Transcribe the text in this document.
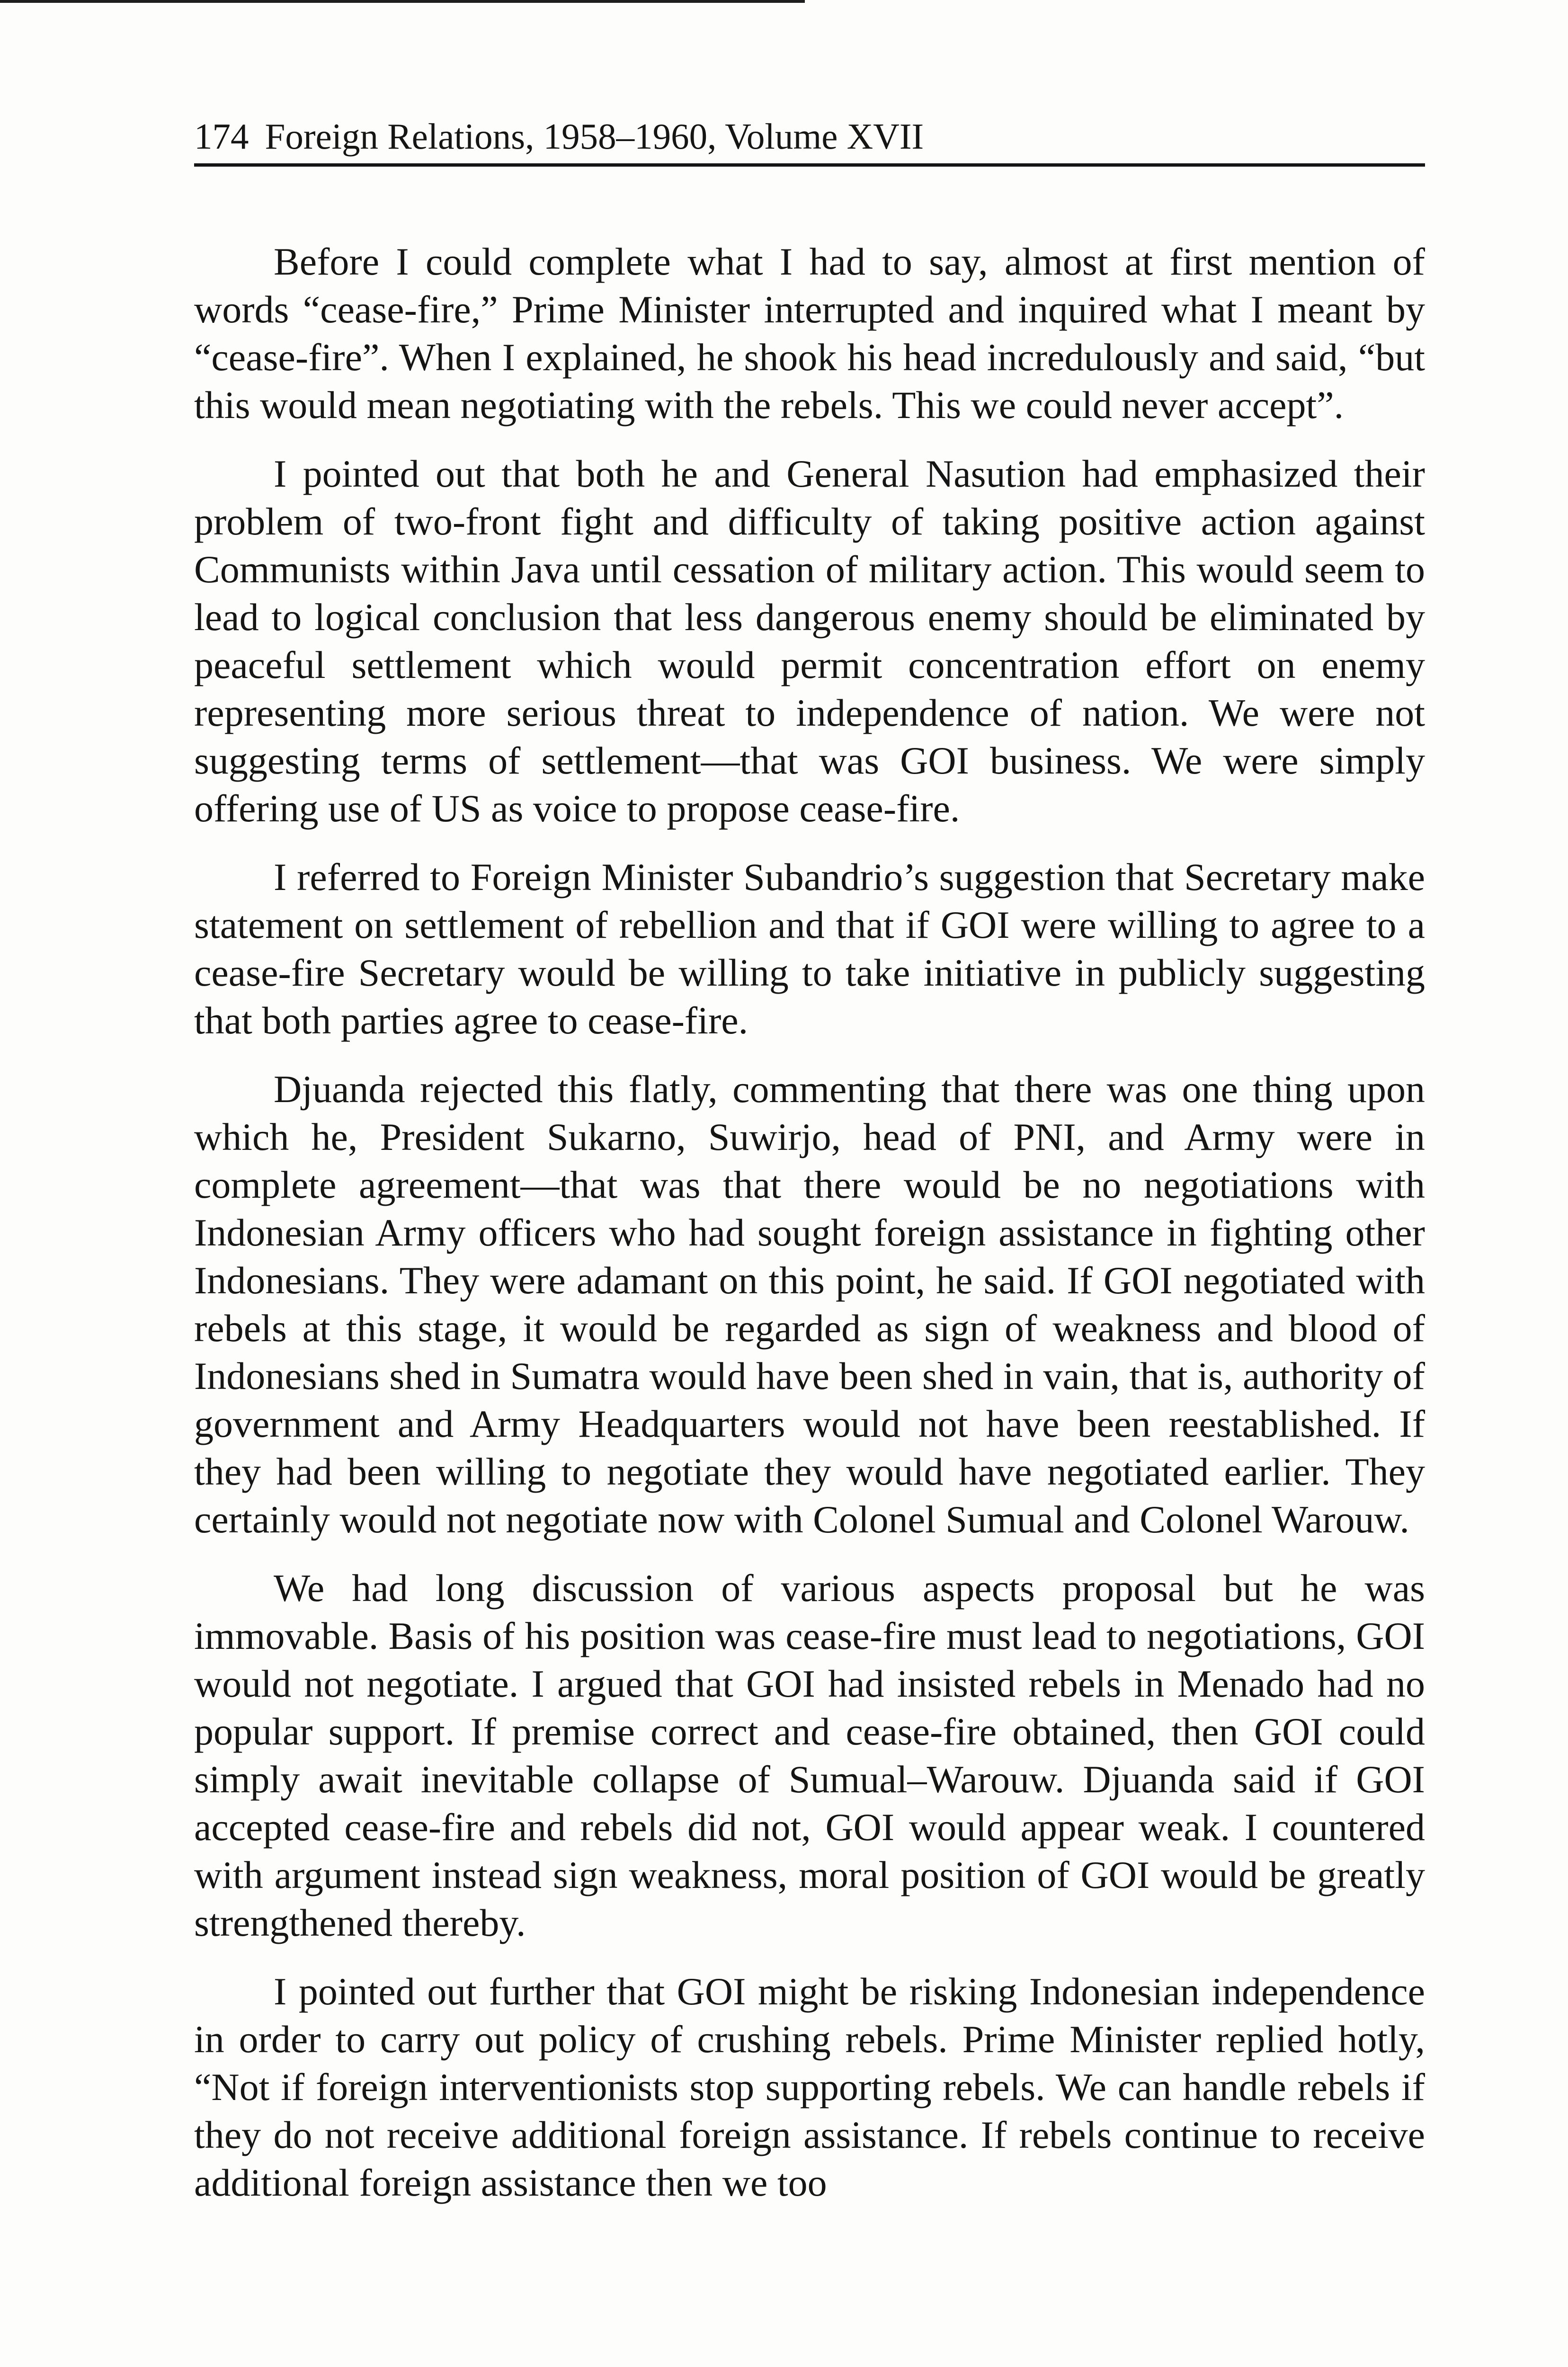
174 Foreign Relations, 1958–1960, Volume XVII

Before I could complete what I had to say, almost at first mention of words “cease-fire,” Prime Minister interrupted and inquired what I meant by “cease-fire”. When I explained, he shook his head incredulously and said, “but this would mean negotiating with the rebels. This we could never accept”.

I pointed out that both he and General Nasution had emphasized their problem of two-front fight and difficulty of taking positive action against Communists within Java until cessation of military action. This would seem to lead to logical conclusion that less dangerous enemy should be eliminated by peaceful settlement which would permit concentration effort on enemy representing more serious threat to independence of nation. We were not suggesting terms of settlement—that was GOI business. We were simply offering use of US as voice to propose cease-fire.

I referred to Foreign Minister Subandrio’s suggestion that Secretary make statement on settlement of rebellion and that if GOI were willing to agree to a cease-fire Secretary would be willing to take initiative in publicly suggesting that both parties agree to cease-fire.

Djuanda rejected this flatly, commenting that there was one thing upon which he, President Sukarno, Suwirjo, head of PNI, and Army were in complete agreement—that was that there would be no negotiations with Indonesian Army officers who had sought foreign assistance in fighting other Indonesians. They were adamant on this point, he said. If GOI negotiated with rebels at this stage, it would be regarded as sign of weakness and blood of Indonesians shed in Sumatra would have been shed in vain, that is, authority of government and Army Headquarters would not have been reestablished. If they had been willing to negotiate they would have negotiated earlier. They certainly would not negotiate now with Colonel Sumual and Colonel Warouw.

We had long discussion of various aspects proposal but he was immovable. Basis of his position was cease-fire must lead to negotiations, GOI would not negotiate. I argued that GOI had insisted rebels in Menado had no popular support. If premise correct and cease-fire obtained, then GOI could simply await inevitable collapse of Sumual–Warouw. Djuanda said if GOI accepted cease-fire and rebels did not, GOI would appear weak. I countered with argument instead sign weakness, moral position of GOI would be greatly strengthened thereby.

I pointed out further that GOI might be risking Indonesian independence in order to carry out policy of crushing rebels. Prime Minister replied hotly, “Not if foreign interventionists stop supporting rebels. We can handle rebels if they do not receive additional foreign assistance. If rebels continue to receive additional foreign assistance then we too
